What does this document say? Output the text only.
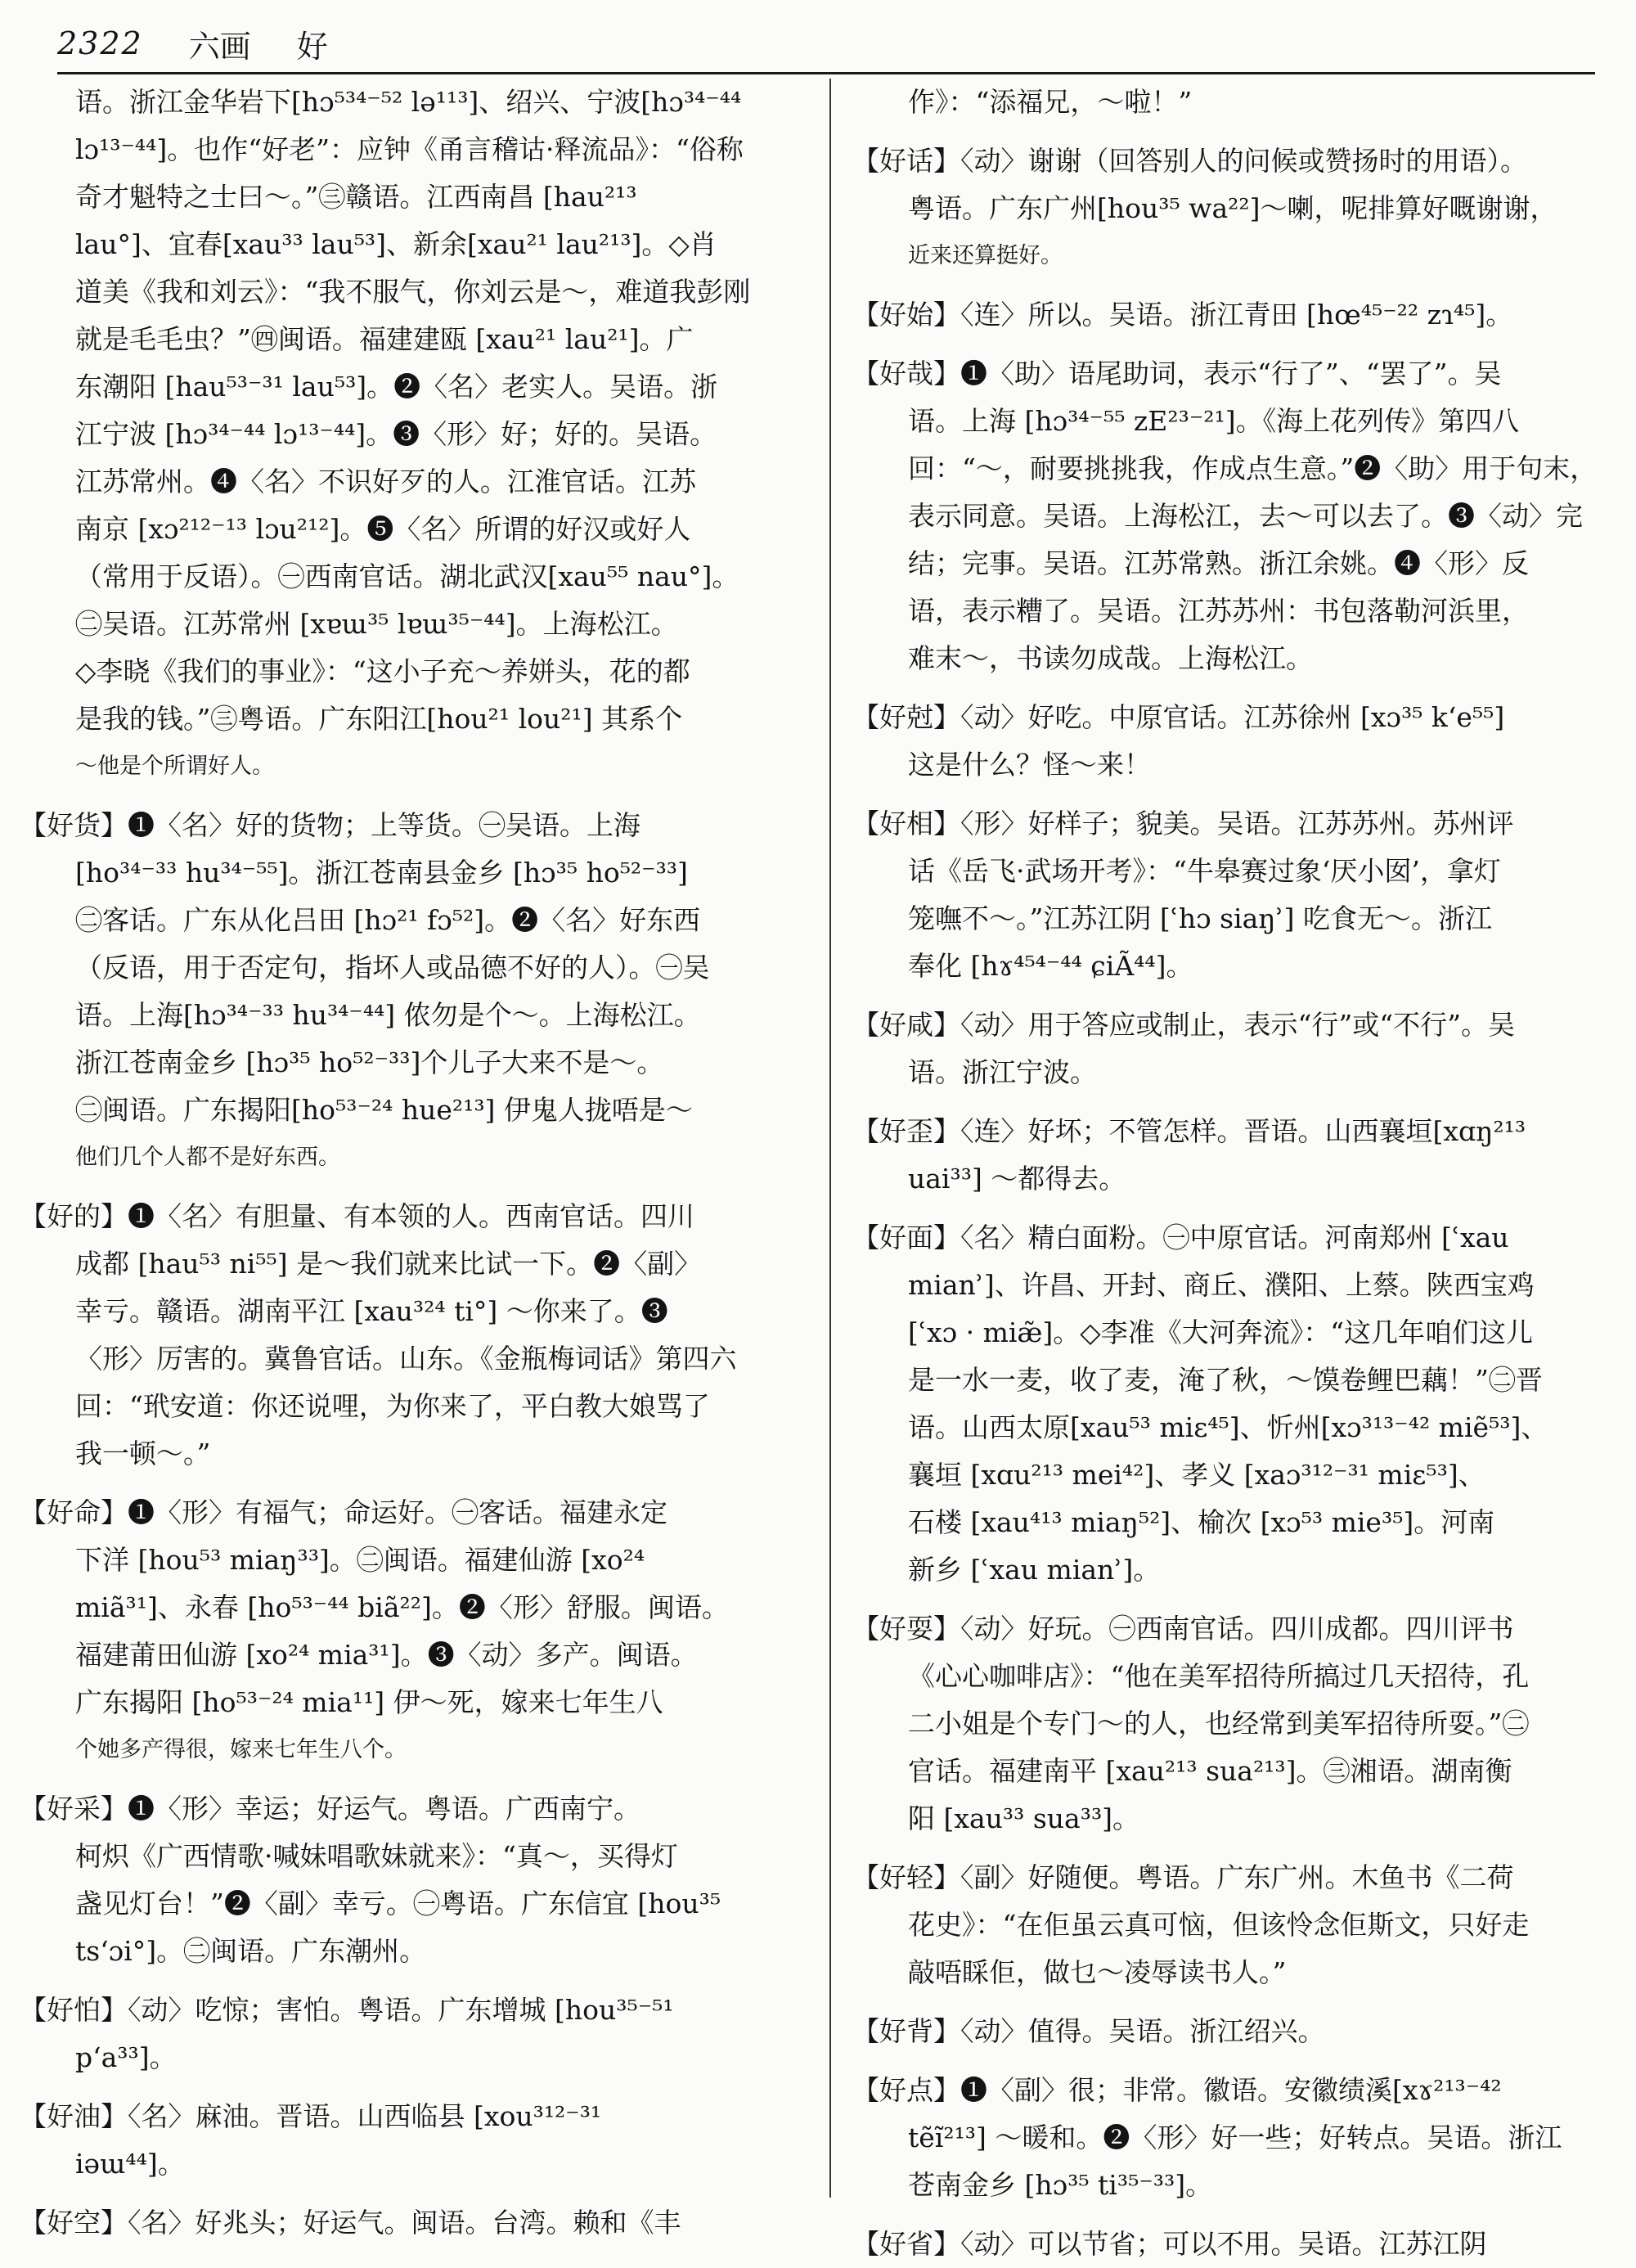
2322 六画 好
语。浙江金华岩下[hɔ⁵³⁴⁻⁵² lə¹¹³]、绍兴、宁波[hɔ³⁴⁻⁴⁴
lɔ¹³⁻⁴⁴]。也作“好老”：应钟《甬言稽诂·释流品》：“俗称
奇才魁特之士曰～。”㊂赣语。江西南昌 [hau²¹³
lau°]、宜春[xau³³ lau⁵³]、新余[xau²¹ lau²¹³]。◇肖
道美《我和刘云》：“我不服气，你刘云是～，难道我彭刚
就是毛毛虫？”㊃闽语。福建建瓯 [xau²¹ lau²¹]。广
东潮阳 [hau⁵³⁻³¹ lau⁵³]。❷〈名〉老实人。吴语。浙
江宁波 [hɔ³⁴⁻⁴⁴ lɔ¹³⁻⁴⁴]。❸〈形〉好；好的。吴语。
江苏常州。❹〈名〉不识好歹的人。江淮官话。江苏
南京 [xɔ²¹²⁻¹³ lɔu²¹²]。❺〈名〉所谓的好汉或好人
（常用于反语）。㊀西南官话。湖北武汉[xau⁵⁵ nau°]。
㊁吴语。江苏常州 [xɐɯ³⁵ lɐɯ³⁵⁻⁴⁴]。上海松江。
◇李晓《我们的事业》：“这小子充～养姘头，花的都
是我的钱。”㊂粤语。广东阳江[hou²¹ lou²¹] 其系个
～他是个所谓好人。
【好货】❶〈名〉好的货物；上等货。㊀吴语。上海
[ho³⁴⁻³³ hu³⁴⁻⁵⁵]。浙江苍南县金乡 [hɔ³⁵ ho⁵²⁻³³]
㊁客话。广东从化吕田 [hɔ²¹ fɔ⁵²]。❷〈名〉好东西
（反语，用于否定句，指坏人或品德不好的人）。㊀吴
语。上海[hɔ³⁴⁻³³ hu³⁴⁻⁴⁴] 侬勿是个～。上海松江。
浙江苍南金乡 [hɔ³⁵ ho⁵²⁻³³]个儿子大来不是～。
㊁闽语。广东揭阳[ho⁵³⁻²⁴ hue²¹³] 伊鬼人拢唔是～
他们几个人都不是好东西。
【好的】❶〈名〉有胆量、有本领的人。西南官话。四川
成都 [hau⁵³ ni⁵⁵] 是～我们就来比试一下。❷〈副〉
幸亏。赣语。湖南平江 [xau³²⁴ ti°] ～你来了。❸
〈形〉厉害的。冀鲁官话。山东。《金瓶梅词话》第四六
回：“玳安道：你还说哩，为你来了，平白教大娘骂了
我一顿～。”
【好命】❶〈形〉有福气；命运好。㊀客话。福建永定
下洋 [hou⁵³ miaŋ³³]。㊁闽语。福建仙游 [xo²⁴
miã³¹]、永春 [ho⁵³⁻⁴⁴ biã²²]。❷〈形〉舒服。闽语。
福建莆田仙游 [xo²⁴ mia³¹]。❸〈动〉多产。闽语。
广东揭阳 [ho⁵³⁻²⁴ mia¹¹] 伊～死，嫁来七年生八
个她多产得很，嫁来七年生八个。
【好采】❶〈形〉幸运；好运气。粤语。广西南宁。
柯炽《广西情歌·喊妹唱歌妹就来》：“真～，买得灯
盏见灯台！”❷〈副〉幸亏。㊀粤语。广东信宜 [hou³⁵
tsʻɔi°]。㊁闽语。广东潮州。
【好怕】〈动〉吃惊；害怕。粤语。广东增城 [hou³⁵⁻⁵¹
pʻa³³]。
【好油】〈名〉麻油。晋语。山西临县 [xou³¹²⁻³¹
iəɯ⁴⁴]。
【好空】〈名〉好兆头；好运气。闽语。台湾。赖和《丰
作》：“添福兄，～啦！”
【好话】〈动〉谢谢（回答别人的问候或赞扬时的用语）。
粤语。广东广州[hou³⁵ wa²²]～喇，呢排算好嘅谢谢，
近来还算挺好。
【好始】〈连〉所以。吴语。浙江青田 [hœ⁴⁵⁻²² zɿ⁴⁵]。
【好哉】❶〈助〉语尾助词，表示“行了”、“罢了”。吴
语。上海 [hɔ³⁴⁻⁵⁵ zE²³⁻²¹]。《海上花列传》第四八
回：“～，耐要挑挑我，作成点生意。”❷〈助〉用于句末，
表示同意。吴语。上海松江，去～可以去了。❸〈动〉完
结；完事。吴语。江苏常熟。浙江余姚。❹〈形〉反
语，表示糟了。吴语。江苏苏州：书包落勒河浜里，
难末～，书读勿成哉。上海松江。
【好尅】〈动〉好吃。中原官话。江苏徐州 [xɔ³⁵ kʻe⁵⁵]
这是什么？怪～来！
【好相】〈形〉好样子；貌美。吴语。江苏苏州。苏州评
话《岳飞·武场开考》：“牛皋赛过象‘厌小囡’，拿灯
笼嘸不～。”江苏江阴 [ʿhɔ siaŋʾ] 吃食无～。浙江
奉化 [hɤ⁴⁵⁴⁻⁴⁴ ɕiÃ⁴⁴]。
【好咸】〈动〉用于答应或制止，表示“行”或“不行”。吴
语。浙江宁波。
【好歪】〈连〉好坏；不管怎样。晋语。山西襄垣[xɑŋ²¹³
uai³³] ～都得去。
【好面】〈名〉精白面粉。㊀中原官话。河南郑州 [ʿxau
mianʾ]、许昌、开封、商丘、濮阳、上蔡。陕西宝鸡
[ʿxɔ · miæ̃]。◇李准《大河奔流》：“这几年咱们这儿
是一水一麦，收了麦，淹了秋，～馍卷鲤巴藕！”㊁晋
语。山西太原[xau⁵³ miɛ⁴⁵]、忻州[xɔ³¹³⁻⁴² miẽ⁵³]、
襄垣 [xɑu²¹³ mei⁴²]、孝义 [xaɔ³¹²⁻³¹ miɛ⁵³]、
石楼 [xau⁴¹³ miaŋ⁵²]、榆次 [xɔ⁵³ mie³⁵]。河南
新乡 [ʿxau mianʾ]。
【好耍】〈动〉好玩。㊀西南官话。四川成都。四川评书
《心心咖啡店》：“他在美军招待所搞过几天招待，孔
二小姐是个专门～的人，也经常到美军招待所耍。”㊁
官话。福建南平 [xau²¹³ sua²¹³]。㊂湘语。湖南衡
阳 [xau³³ sua³³]。
【好轻】〈副〉好随便。粤语。广东广州。木鱼书《二荷
花史》：“在佢虽云真可恼，但该怜念佢斯文，只好走
敲唔睬佢，做乜～凌辱读书人。”
【好背】〈动〉值得。吴语。浙江绍兴。
【好点】❶〈副〉很；非常。徽语。安徽绩溪[xɤ²¹³⁻⁴²
tẽĩ²¹³] ～暖和。❷〈形〉好一些；好转点。吴语。浙江
苍南金乡 [hɔ³⁵ ti³⁵⁻³³]。
【好省】〈动〉可以节省；可以不用。吴语。江苏江阴
